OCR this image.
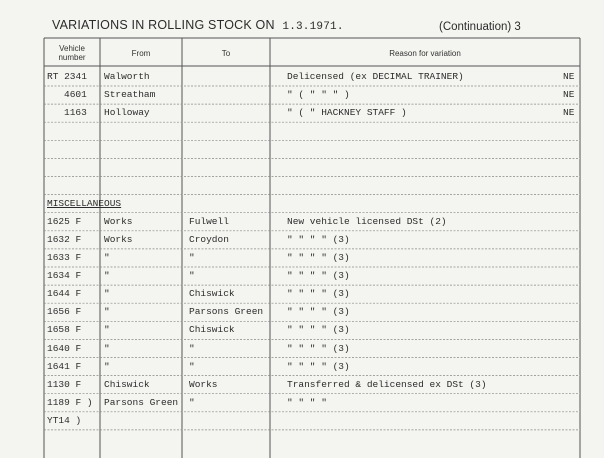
VARIATIONS IN ROLLING STOCK ON 1.3.1971.	(Continuation) 3
Vehicle
number	From	To	Reason for variation
RT 2341 Walworth	Delicensed (ex DECIMAL TRAINER)	NE
4601 Streatham	" ( " " " )	NE
1163 Holloway	" ( " HACKNEY STAFF )	NE
MISCELLANEOUS
1625 F Works	Fulwell	New vehicle licensed DSt (2)
1632 F Works	Croydon	" " " " (3)
1633 F "	"	" " " " (3)
1634 F "	"	" " " " (3)
1644 F "	Chiswick	" " " " (3)
1656 F "	Parsons Green	" " " " (3)
1658 F "	Chiswick	" " " " (3)
1640 F "	"	" " " " (3)
1641 F "	"	" " " " (3)
1130 F Chiswick	Works	Transferred & delicensed ex DSt (3)
1189 F ) Parsons Green "	" " " "
YT14 )
